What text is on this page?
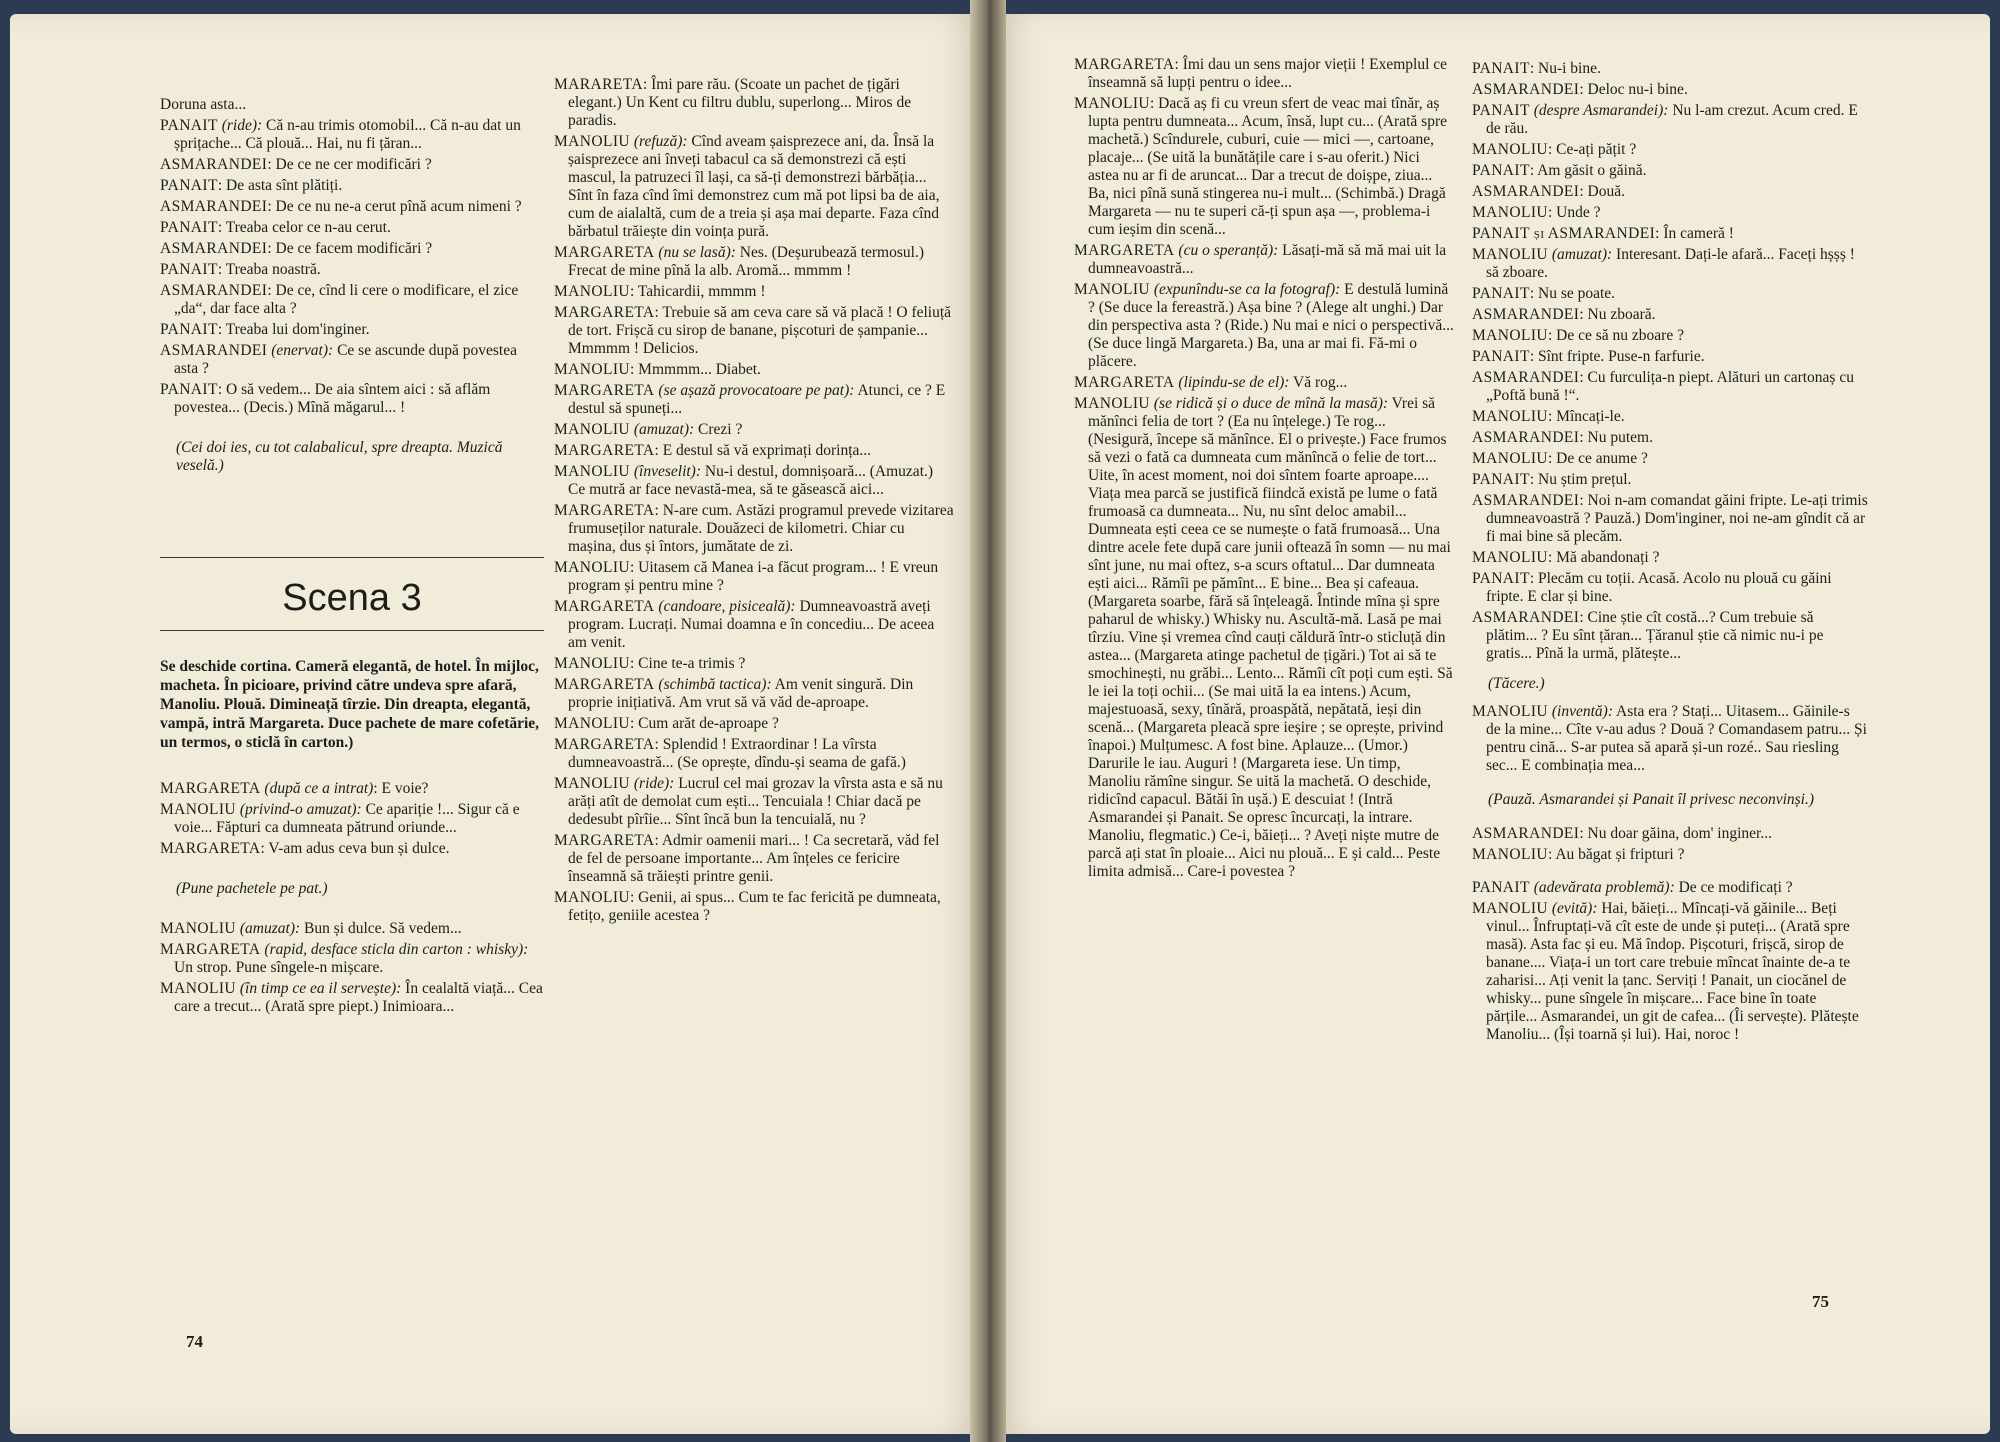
Doruna asta...

PANAIT (ride): Că n-au trimis otomobil... Că n-au dat un șprițache... Că plouă... Hai, nu fi țăran...

ASMARANDEI: De ce ne cer modificări ?

PANAIT: De asta sînt plătiți.

ASMARANDEI: De ce nu ne-a cerut pînă acum nimeni ?

PANAIT: Treaba celor ce n-au cerut.

ASMARANDEI: De ce facem modificări ?

PANAIT: Treaba noastră.

ASMARANDEI: De ce, cînd li cere o modificare, el zice „da“, dar face alta ?

PANAIT: Treaba lui dom'inginer.

ASMARANDEI (enervat): Ce se ascunde după povestea asta ?

PANAIT: O să vedem... De aia sîntem aici : să aflăm povestea... (Decis.) Mînă măgarul... !

(Cei doi ies, cu tot calabalicul, spre dreapta. Muzică veselă.)

Scena 3

Se deschide cortina. Cameră elegantă, de hotel. În mijloc, macheta. În picioare, privind către undeva spre afară, Manoliu. Plouă. Dimineață tîrzie. Din dreapta, elegantă, vampă, intră Margareta. Duce pachete de mare cofetărie, un termos, o sticlă în carton.)

MARGARETA (după ce a intrat): E voie?

MANOLIU (privind-o amuzat): Ce apariție !... Sigur că e voie... Făpturi ca dumneata pătrund oriunde...

MARGARETA: V-am adus ceva bun și dulce.

(Pune pachetele pe pat.)

MANOLIU (amuzat): Bun și dulce. Să vedem...

MARGARETA (rapid, desface sticla din carton : whisky): Un strop. Pune sîngele-n mișcare.

MANOLIU (în timp ce ea il servește): În cealaltă viață... Cea care a trecut... (Arată spre piept.) Inimioara...

MARARETA: Îmi pare rău. (Scoate un pachet de țigări elegant.) Un Kent cu filtru dublu, superlong... Miros de paradis.

MANOLIU (refuză): Cînd aveam șaisprezece ani, da. Însă la șaisprezece ani înveți tabacul ca să demonstrezi că ești mascul, la patruzeci îl lași, ca să-ți demonstrezi bărbăția... Sînt în faza cînd îmi demonstrez cum mă pot lipsi ba de aia, cum de aialaltă, cum de a treia și așa mai departe. Faza cînd bărbatul trăiește din voința pură.

MARGARETA (nu se lasă): Nes. (Deșurubează termosul.) Frecat de mine pînă la alb. Aromă... mmmm !

MANOLIU: Tahicardii, mmmm !

MARGARETA: Trebuie să am ceva care să vă placă ! O feliuță de tort. Frișcă cu sirop de banane, pișcoturi de șampanie... Mmmmm ! Delicios.

MANOLIU: Mmmmm... Diabet.

MARGARETA (se așază provocatoare pe pat): Atunci, ce ? E destul să spuneți...

MANOLIU (amuzat): Crezi ?

MARGARETA: E destul să vă exprimați dorința...

MANOLIU (înveselit): Nu-i destul, domnișoară... (Amuzat.) Ce mutră ar face nevastă-mea, să te găsească aici...

MARGARETA: N-are cum. Astăzi programul prevede vizitarea frumuseților naturale. Douăzeci de kilometri. Chiar cu mașina, dus și întors, jumătate de zi.

MANOLIU: Uitasem că Manea i-a făcut program... ! E vreun program și pentru mine ?

MARGARETA (candoare, pisiceală): Dumneavoastră aveți program. Lucrați. Numai doamna e în concediu... De aceea am venit.

MANOLIU: Cine te-a trimis ?

MARGARETA (schimbă tactica): Am venit singură. Din proprie inițiativă. Am vrut să vă văd de-aproape.

MANOLIU: Cum arăt de-aproape ?

MARGARETA: Splendid ! Extraordinar ! La vîrsta dumneavoastră... (Se oprește, dîndu-și seama de gafă.)

MANOLIU (ride): Lucrul cel mai grozav la vîrsta asta e să nu arăți atît de demolat cum ești... Tencuiala ! Chiar dacă pe dedesubt pîrîie... Sînt încă bun la tencuială, nu ?

MARGARETA: Admir oamenii mari... ! Ca secretară, văd fel de fel de persoane importante... Am înțeles ce fericire înseamnă să trăiești printre genii.

MANOLIU: Genii, ai spus... Cum te fac fericită pe dumneata, fetițo, geniile acestea ?

74

MARGARETA: Îmi dau un sens major vieții ! Exemplul ce înseamnă să lupți pentru o idee...

MANOLIU: Dacă aș fi cu vreun sfert de veac mai tînăr, aș lupta pentru dumneata... Acum, însă, lupt cu... (Arată spre machetă.) Scîndurele, cuburi, cuie — mici —, cartoane, placaje... (Se uită la bunătățile care i s-au oferit.) Nici astea nu ar fi de aruncat... Dar a trecut de doișpe, ziua... Ba, nici pînă sună stingerea nu-i mult... (Schimbă.) Dragă Margareta — nu te superi că-ți spun așa —, problema-i cum ieșim din scenă...

MARGARETA (cu o speranță): Lăsați-mă să mă mai uit la dumneavoastră...

MANOLIU (expunîndu-se ca la fotograf): E destulă lumină ? (Se duce la fereastră.) Așa bine ? (Alege alt unghi.) Dar din perspectiva asta ? (Ride.) Nu mai e nici o perspectivă... (Se duce lingă Margareta.) Ba, una ar mai fi. Fă-mi o plăcere.

MARGARETA (lipindu-se de el): Vă rog...

MANOLIU (se ridică și o duce de mînă la masă): Vrei să mănînci felia de tort ? (Ea nu înțelege.) Te rog... (Nesigură, începe să mănînce. El o privește.) Face frumos să vezi o fată ca dumneata cum mănîncă o felie de tort... Uite, în acest moment, noi doi sîntem foarte aproape.... Viața mea parcă se justifică fiindcă există pe lume o fată frumoasă ca dumneata... Nu, nu sînt deloc amabil... Dumneata ești ceea ce se numește o fată frumoasă... Una dintre acele fete după care junii oftează în somn — nu mai sînt june, nu mai oftez, s-a scurs oftatul... Dar dumneata ești aici... Rămîi pe pămînt... E bine... Bea și cafeaua. (Margareta soarbe, fără să înțeleagă. Întinde mîna și spre paharul de whisky.) Whisky nu. Ascultă-mă. Lasă pe mai tîrziu. Vine și vremea cînd cauți căldură într-o sticluță din astea... (Margareta atinge pachetul de țigări.) Tot ai să te smochinești, nu grăbi... Lento... Rămîi cît poți cum ești. Să le iei la toți ochii... (Se mai uită la ea intens.) Acum, majestuoasă, sexy, tînără, proaspătă, nepătată, ieși din scenă... (Margareta pleacă spre ieșire ; se oprește, privind înapoi.) Mulțumesc. A fost bine. Aplauze... (Umor.) Darurile le iau. Auguri ! (Margareta iese. Un timp, Manoliu rămîne singur. Se uită la machetă. O deschide, ridicînd capacul. Bătăi în ușă.) E descuiat ! (Intră Asmarandei și Panait. Se opresc încurcați, la intrare. Manoliu, flegmatic.) Ce-i, băieți... ? Aveți niște mutre de parcă ați stat în ploaie... Aici nu plouă... E și cald... Peste limita admisă... Care-i povestea ?

PANAIT: Nu-i bine.

ASMARANDEI: Deloc nu-i bine.

PANAIT (despre Asmarandei): Nu l-am crezut. Acum cred. E de rău.

MANOLIU: Ce-ați pățit ?

PANAIT: Am găsit o găină.

ASMARANDEI: Două.

MANOLIU: Unde ?

PANAIT și ASMARANDEI: În cameră !

MANOLIU (amuzat): Interesant. Dați-le afară... Faceți hșșș ! să zboare.

PANAIT: Nu se poate.

ASMARANDEI: Nu zboară.

MANOLIU: De ce să nu zboare ?

PANAIT: Sînt fripte. Puse-n farfurie.

ASMARANDEI: Cu furculița-n piept. Alături un cartonaș cu „Poftă bună !“.

MANOLIU: Mîncați-le.

ASMARANDEI: Nu putem.

MANOLIU: De ce anume ?

PANAIT: Nu știm prețul.

ASMARANDEI: Noi n-am comandat găini fripte. Le-ați trimis dumneavoastră ? Pauză.) Dom'inginer, noi ne-am gîndit că ar fi mai bine să plecăm.

MANOLIU: Mă abandonați ?

PANAIT: Plecăm cu toții. Acasă. Acolo nu plouă cu găini fripte. E clar și bine.

ASMARANDEI: Cine știe cît costă...? Cum trebuie să plătim... ? Eu sînt țăran... Țăranul știe că nimic nu-i pe gratis... Pînă la urmă, plătește...

(Tăcere.)

MANOLIU (inventă): Asta era ? Stați... Uitasem... Găinile-s de la mine... Cîte v-au adus ? Două ? Comandasem patru... Și pentru cină... S-ar putea să apară și-un rozé.. Sau riesling sec... E combinația mea...

(Pauză. Asmarandei și Panait îl privesc neconvinși.)

ASMARANDEI: Nu doar găina, dom' inginer...

MANOLIU: Au băgat și fripturi ?

PANAIT (adevărata problemă): De ce modificați ?

MANOLIU (evită): Hai, băieți... Mîncați-vă găinile... Beți vinul... Înfruptați-vă cît este de unde și puteți... (Arată spre masă). Asta fac și eu. Mă îndop. Pișcoturi, frișcă, sirop de banane.... Viața-i un tort care trebuie mîncat înainte de-a te zaharisi... Ați venit la țanc. Serviți ! Panait, un ciocănel de whisky... pune sîngele în mișcare... Face bine în toate părțile... Asmarandei, un git de cafea... (Îi servește). Plătește Manoliu... (Își toarnă și lui). Hai, noroc !

75
